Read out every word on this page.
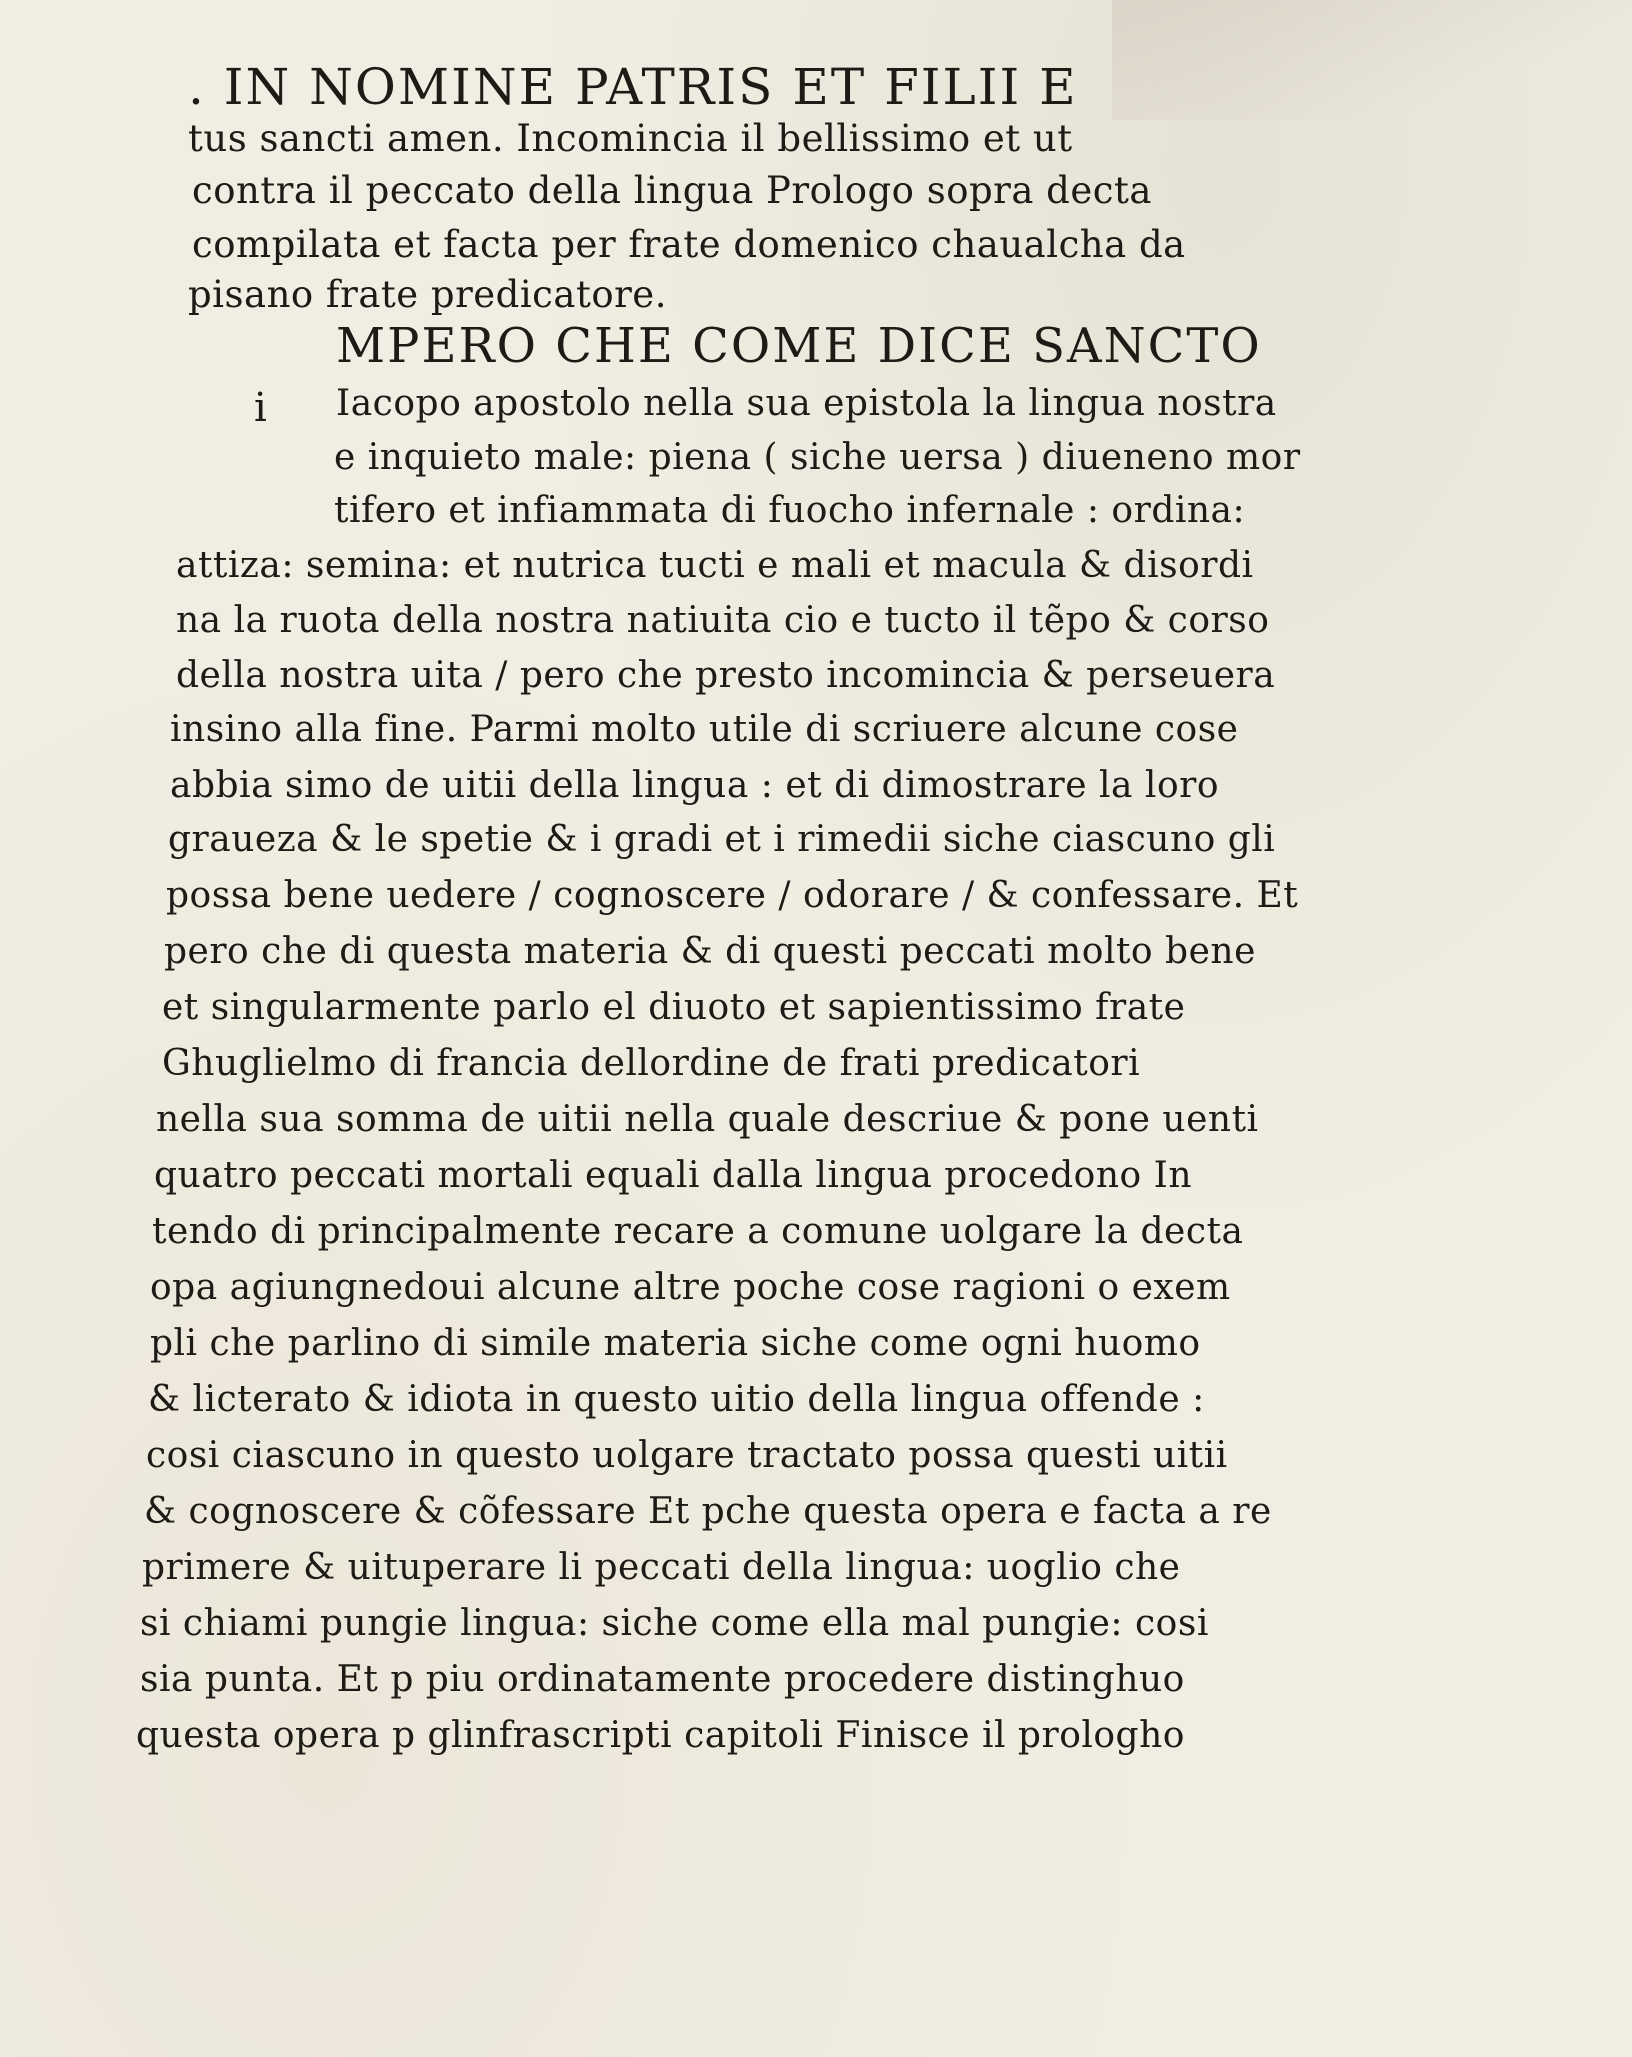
. IN NOMINE PATRIS ET FILII E
tus sancti amen. Incomincia il bellissimo et ut
contra il peccato della lingua Prologo sopra decta
compilata et facta per frate domenico chaualcha da
pisano frate predicatore.
MPERO CHE COME DICE SANCTO
i Iacopo apostolo nella sua epistola la lingua nostra
e inquieto male: piena ( siche uersa ) diueneno mor
tifero et infiammata di fuocho infernale : ordina:
attiza: semina: et nutrica tucti e mali et macula & disordi
na la ruota della nostra natiuita cio e tucto il tẽpo & corso
della nostra uita / pero che presto incomincia & perseuera
insino alla fine. Parmi molto utile di scriuere alcune cose
abbia simo de uitii della lingua : et di dimostrare la loro
graueza & le spetie & i gradi et i rimedii siche ciascuno gli
possa bene uedere / cognoscere / odorare / & confessare. Et
pero che di questa materia & di questi peccati molto bene
et singularmente parlo el diuoto et sapientissimo frate
Ghuglielmo di francia dellordine de frati predicatori
nella sua somma de uitii nella quale descriue & pone uenti
quatro peccati mortali equali dalla lingua procedono In
tendo di principalmente recare a comune uolgare la decta
opa agiungnedoui alcune altre poche cose ragioni o exem
pli che parlino di simile materia siche come ogni huomo
& licterato & idiota in questo uitio della lingua offende :
cosi ciascuno in questo uolgare tractato possa questi uitii
& cognoscere & cõfessare Et pche questa opera e facta a re
primere & uituperare li peccati della lingua: uoglio che
si chiami pungie lingua: siche come ella mal pungie: cosi
sia punta. Et p piu ordinatamente procedere distinghuo
questa opera p glinfrascripti capitoli Finisce il prologho
